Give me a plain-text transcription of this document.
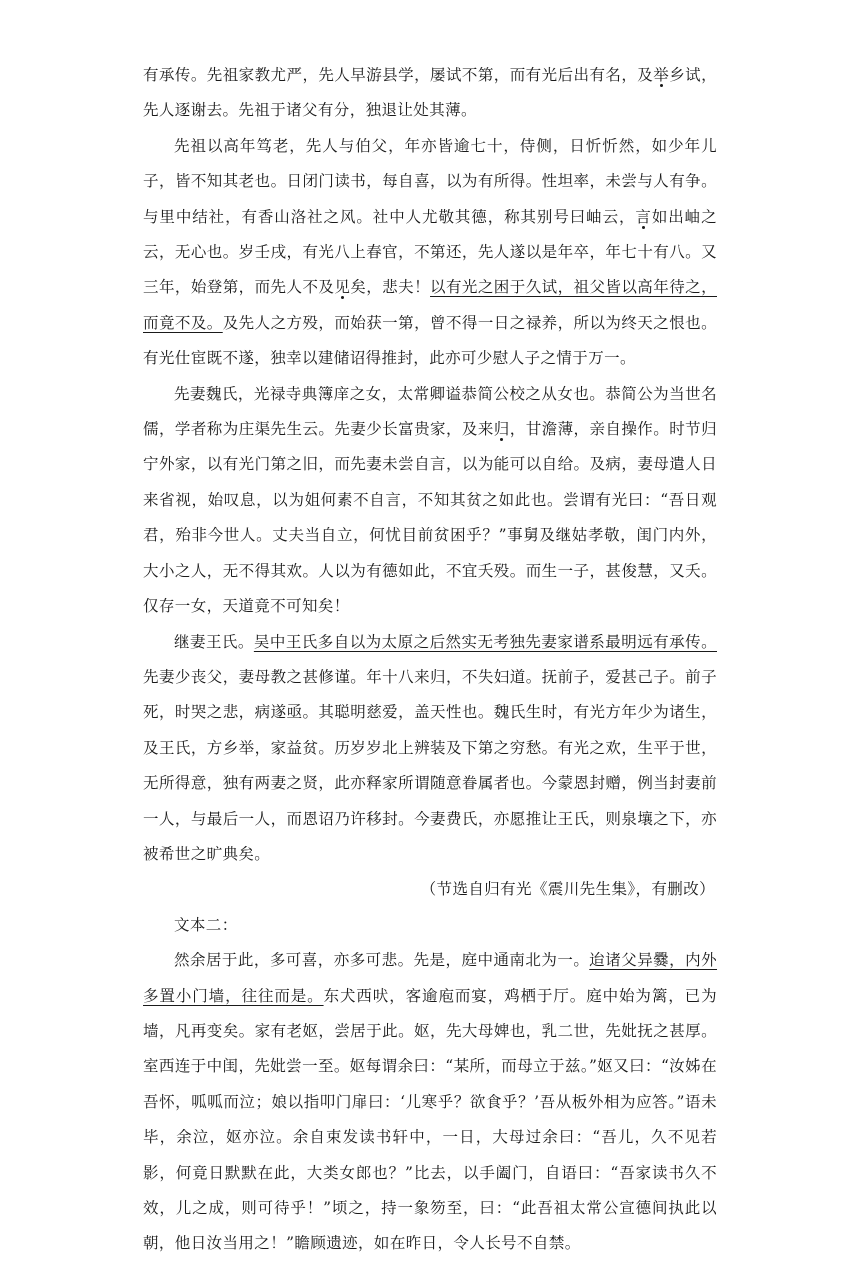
有承传。先祖家教尤严，先人早游县学，屡试不第，而有光后出有名，及举乡试，先人逐谢去。先祖于诸父有分，独退让处其薄。

先祖以高年笃老，先人与伯父，年亦皆逾七十，侍侧，日忻忻然，如少年儿子，皆不知其老也。日闭门读书，每自喜，以为有所得。性坦率，未尝与人有争。与里中结社，有香山洛社之风。社中人尤敬其德，称其别号曰岫云，言如出岫之云，无心也。岁壬戌，有光八上春官，不第还，先人遂以是年卒，年七十有八。又三年，始登第，而先人不及见矣，悲夫！以有光之困于久试，祖父皆以高年待之，而竟不及。及先人之方殁，而始获一第，曾不得一日之禄养，所以为终天之恨也。有光仕宦既不遂，独幸以建储诏得推封，此亦可少慰人子之情于万一。

先妻魏氏，光禄寺典簿庠之女，太常卿谥恭简公校之从女也。恭简公为当世名儒，学者称为庄渠先生云。先妻少长富贵家，及来归，甘澹薄，亲自操作。时节归宁外家，以有光门第之旧，而先妻未尝自言，以为能可以自给。及病，妻母遣人日来省视，始叹息，以为姐何素不自言，不知其贫之如此也。尝谓有光曰：“吾日观君，殆非今世人。丈夫当自立，何忧目前贫困乎？”事舅及继姑孝敬，闺门内外，大小之人，无不得其欢。人以为有德如此，不宜夭殁。而生一子，甚俊慧，又夭。仅存一女，天道竟不可知矣！

继妻王氏。吴中王氏多自以为太原之后然实无考独先妻家谱系最明远有承传。先妻少丧父，妻母教之甚修谨。年十八来归，不失妇道。抚前子，爱甚己子。前子死，时哭之悲，病遂亟。其聪明慈爱，盖天性也。魏氏生时，有光方年少为诸生，及王氏，方乡举，家益贫。历岁岁北上辨装及下第之穷愁。有光之欢，生平于世，无所得意，独有两妻之贤，此亦释家所谓随意眷属者也。今蒙恩封赠，例当封妻前一人，与最后一人，而恩诏乃许移封。今妻费氏，亦愿推让王氏，则泉壤之下，亦被希世之旷典矣。

（节选自归有光《震川先生集》，有删改）

文本二：

然余居于此，多可喜，亦多可悲。先是，庭中通南北为一。迨诸父异爨，内外多置小门墙，往往而是。东犬西吠，客逾庖而宴，鸡栖于厅。庭中始为篱，已为墙，凡再变矣。家有老妪，尝居于此。妪，先大母婢也，乳二世，先妣抚之甚厚。室西连于中闺，先妣尝一至。妪每谓余曰：“某所，而母立于兹。”妪又曰：“汝姊在吾怀，呱呱而泣；娘以指叩门扉曰：‘儿寒乎？欲食乎？’吾从板外相为应答。”语未毕，余泣，妪亦泣。余自束发读书轩中，一日，大母过余曰：“吾儿，久不见若影，何竟日默默在此，大类女郎也？”比去，以手阖门，自语曰：“吾家读书久不效，儿之成，则可待乎！”顷之，持一象笏至，曰：“此吾祖太常公宣德间执此以朝，他日汝当用之！”瞻顾遗迹，如在昨日，令人长号不自禁。
